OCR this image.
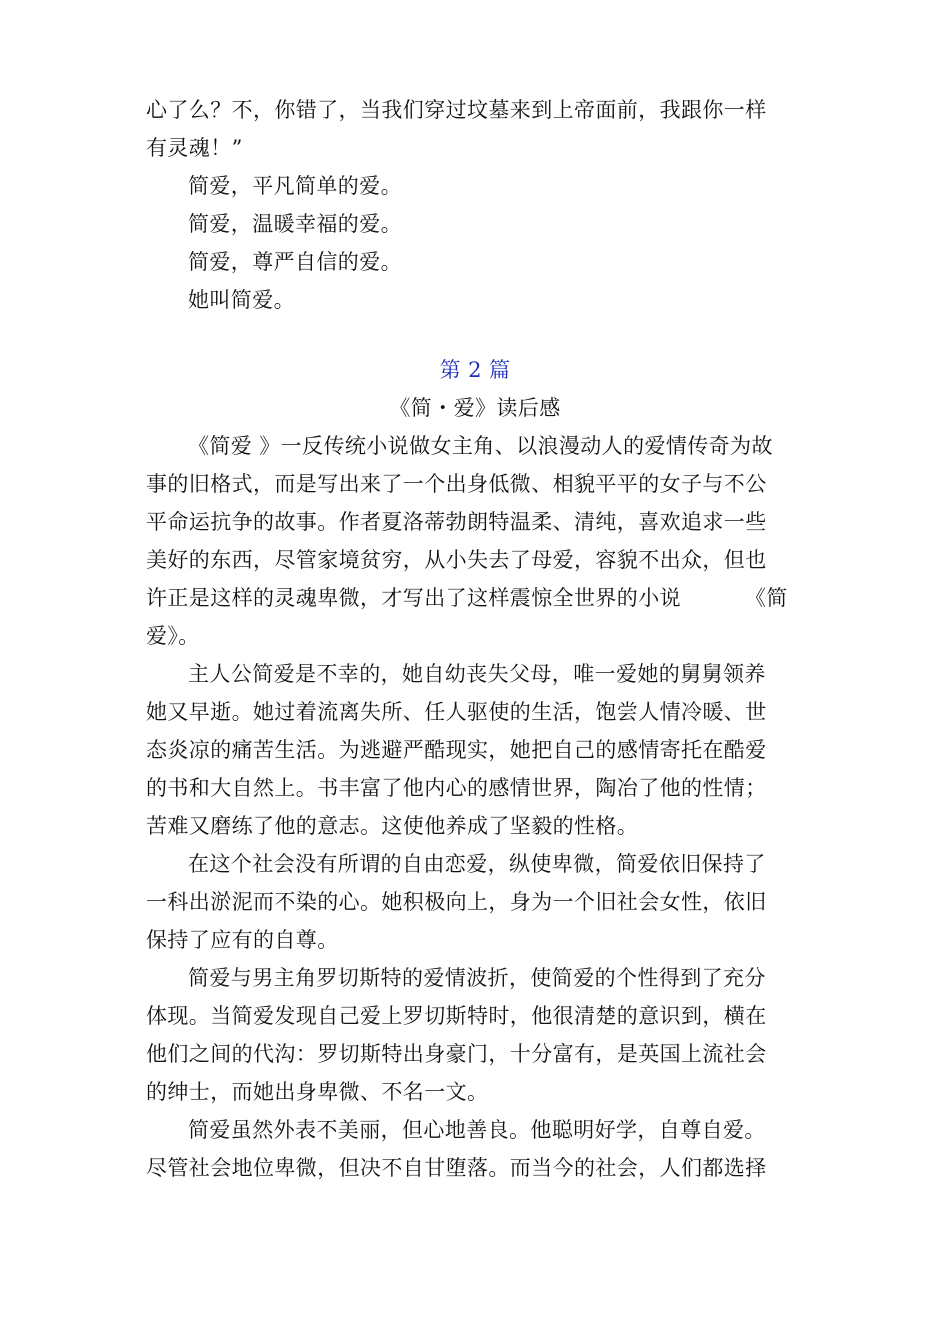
心了么？不，你错了，当我们穿过坟墓来到上帝面前，我跟你一样
有灵魂！”
简爱，平凡简单的爱。
简爱，温暖幸福的爱。
简爱，尊严自信的爱。
她叫简爱。
第 2 篇
《简・爱》读后感
《简爱 》一反传统小说做女主角、以浪漫动人的爱情传奇为故
事的旧格式，而是写出来了一个出身低微、相貌平平的女子与不公
平命运抗争的故事。作者夏洛蒂勃朗特温柔、清纯，喜欢追求一些
美好的东西，尽管家境贫穷，从小失去了母爱，容貌不出众，但也
许正是这样的灵魂卑微，才写出了这样震惊全世界的小说	《简
爱》。
主人公简爱是不幸的，她自幼丧失父母，唯一爱她的舅舅领养
她又早逝。她过着流离失所、任人驱使的生活，饱尝人情冷暖、世
态炎凉的痛苦生活。为逃避严酷现实，她把自己的感情寄托在酷爱
的书和大自然上。书丰富了他内心的感情世界，陶冶了他的性情；
苦难又磨练了他的意志。这使他养成了坚毅的性格。
在这个社会没有所谓的自由恋爱，纵使卑微，简爱依旧保持了
一科出淤泥而不染的心。她积极向上，身为一个旧社会女性，依旧
保持了应有的自尊。
简爱与男主角罗切斯特的爱情波折，使简爱的个性得到了充分
体现。当简爱发现自己爱上罗切斯特时，他很清楚的意识到，横在
他们之间的代沟：罗切斯特出身豪门，十分富有，是英国上流社会
的绅士，而她出身卑微、不名一文。
简爱虽然外表不美丽，但心地善良。他聪明好学，自尊自爱。
尽管社会地位卑微，但决不自甘堕落。而当今的社会，人们都选择
